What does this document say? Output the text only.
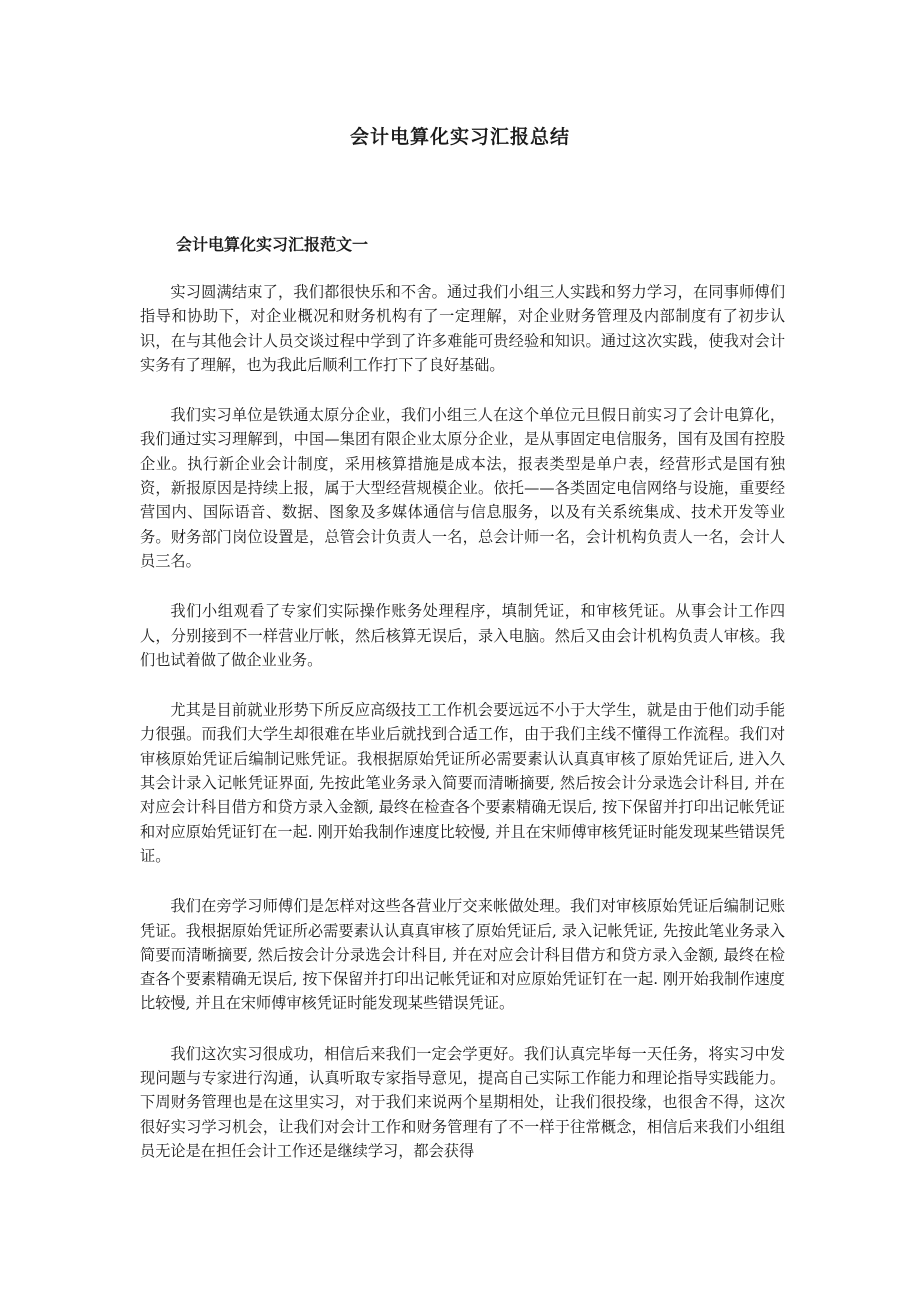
会计电算化实习汇报总结
会计电算化实习汇报范文一

实习圆满结束了，我们都很快乐和不舍。通过我们小组三人实践和努力学习，在同事师傅们指导和协助下，对企业概况和财务机构有了一定理解，对企业财务管理及内部制度有了初步认识，在与其他会计人员交谈过程中学到了许多难能可贵经验和知识。通过这次实践，使我对会计实务有了理解，也为我此后顺利工作打下了良好基础。

我们实习单位是铁通太原分企业，我们小组三人在这个单位元旦假日前实习了会计电算化，我们通过实习理解到，中国—集团有限企业太原分企业，是从事固定电信服务，国有及国有控股企业。执行新企业会计制度，采用核算措施是成本法，报表类型是单户表，经营形式是国有独资，新报原因是持续上报，属于大型经营规模企业。依托——各类固定电信网络与设施，重要经营国内、国际语音、数据、图象及多媒体通信与信息服务，以及有关系统集成、技术开发等业务。财务部门岗位设置是，总管会计负责人一名，总会计师一名，会计机构负责人一名，会计人员三名。

我们小组观看了专家们实际操作账务处理程序，填制凭证，和审核凭证。从事会计工作四人，分别接到不一样营业厅帐，然后核算无误后，录入电脑。然后又由会计机构负责人审核。我们也试着做了做企业业务。

尤其是目前就业形势下所反应高级技工工作机会要远远不小于大学生，就是由于他们动手能力很强。而我们大学生却很难在毕业后就找到合适工作，由于我们主线不懂得工作流程。我们对审核原始凭证后编制记账凭证。我根据原始凭证所必需要素认认真真审核了原始凭证后, 进入久其会计录入记帐凭证界面, 先按此笔业务录入简要而清晰摘要, 然后按会计分录选会计科目, 并在对应会计科目借方和贷方录入金额, 最终在检查各个要素精确无误后, 按下保留并打印出记帐凭证和对应原始凭证钉在一起. 刚开始我制作速度比较慢, 并且在宋师傅审核凭证时能发现某些错误凭证。

我们在旁学习师傅们是怎样对这些各营业厅交来帐做处理。我们对审核原始凭证后编制记账凭证。我根据原始凭证所必需要素认认真真审核了原始凭证后, 录入记帐凭证, 先按此笔业务录入简要而清晰摘要, 然后按会计分录选会计科目, 并在对应会计科目借方和贷方录入金额, 最终在检查各个要素精确无误后, 按下保留并打印出记帐凭证和对应原始凭证钉在一起. 刚开始我制作速度比较慢, 并且在宋师傅审核凭证时能发现某些错误凭证。

我们这次实习很成功，相信后来我们一定会学更好。我们认真完毕每一天任务，将实习中发现问题与专家进行沟通，认真听取专家指导意见，提高自己实际工作能力和理论指导实践能力。下周财务管理也是在这里实习，对于我们来说两个星期相处，让我们很投缘，也很舍不得，这次很好实习学习机会，让我们对会计工作和财务管理有了不一样于往常概念，相信后来我们小组组员无论是在担任会计工作还是继续学习，都会获得
